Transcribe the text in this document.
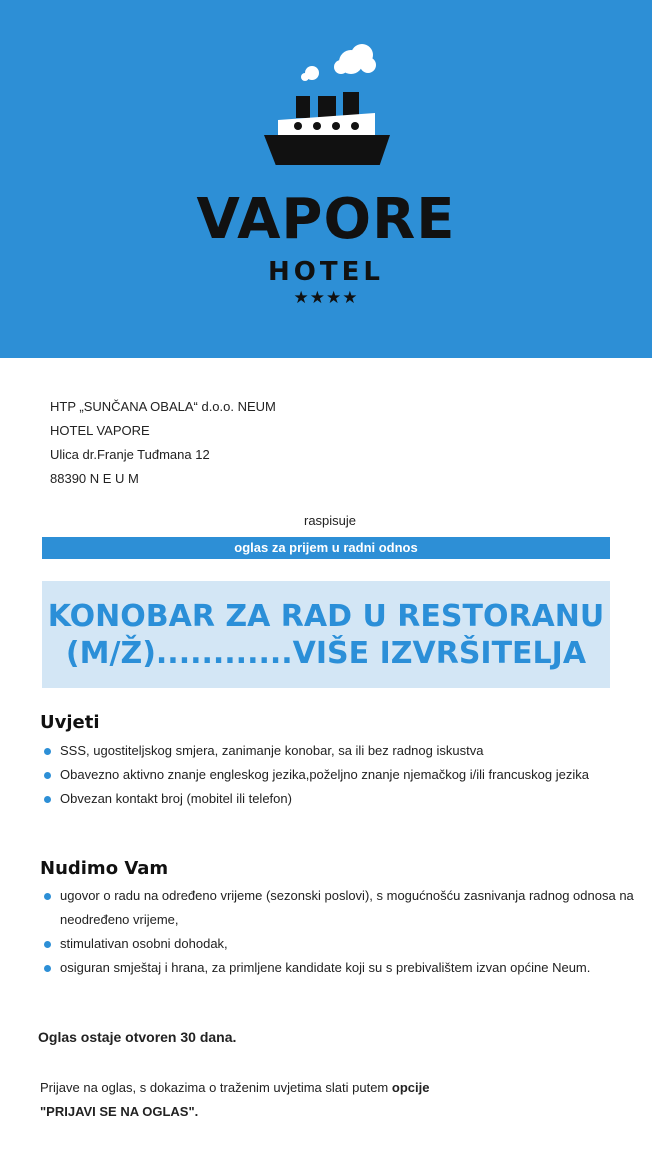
VAPORE
HOTEL
★★★★
HTP „SUNČANA OBALA“ d.o.o. NEUM
HOTEL VAPORE
Ulica dr.Franje Tuđmana 12
88390 N E U M
raspisuje
oglas za prijem u radni odnos
KONOBAR ZA RAD U RESTORANU
(M/Ž)............VIŠE IZVRŠITELJA
Uvjeti
SSS, ugostiteljskog smjera, zanimanje konobar, sa ili bez radnog iskustva
Obavezno aktivno znanje engleskog jezika,poželjno znanje njemačkog i/ili francuskog jezika
Obvezan kontakt broj (mobitel ili telefon)
Nudimo Vam
ugovor o radu na određeno vrijeme (sezonski poslovi), s mogućnošću zasnivanja radnog odnosa na neodređeno vrijeme,
stimulativan osobni dohodak,
osiguran smještaj i hrana, za primljene kandidate koji su s prebivalištem izvan općine Neum.
Oglas ostaje otvoren 30 dana.
Prijave na oglas, s dokazima o traženim uvjetima slati putem opcije
"PRIJAVI SE NA OGLAS".
